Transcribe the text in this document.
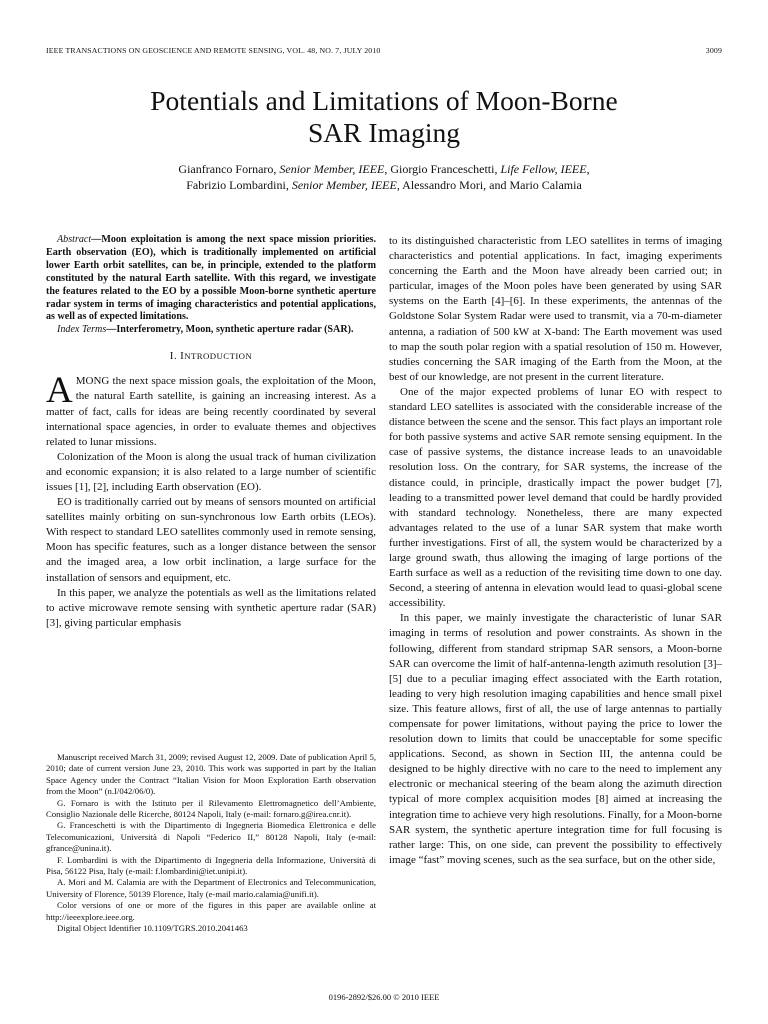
IEEE TRANSACTIONS ON GEOSCIENCE AND REMOTE SENSING, VOL. 48, NO. 7, JULY 2010	3009
Potentials and Limitations of Moon-Borne
SAR Imaging
Gianfranco Fornaro, Senior Member, IEEE, Giorgio Franceschetti, Life Fellow, IEEE,
Fabrizio Lombardini, Senior Member, IEEE, Alessandro Mori, and Mario Calamia

Abstract—Moon exploitation is among the next space mission priorities. Earth observation (EO), which is traditionally implemented on artificial lower Earth orbit satellites, can be, in principle, extended to the platform constituted by the natural Earth satellite. With this regard, we investigate the features related to the EO by a possible Moon-borne synthetic aperture radar system in terms of imaging characteristics and potential applications, as well as of expected limitations.

Index Terms—Interferometry, Moon, synthetic aperture radar (SAR).

I. INTRODUCTION

AMONG the next space mission goals, the exploitation of the Moon, the natural Earth satellite, is gaining an increasing interest. As a matter of fact, calls for ideas are being recently coordinated by several international space agencies, in order to evaluate themes and objectives related to lunar missions.

Colonization of the Moon is along the usual track of human civilization and economic expansion; it is also related to a large number of scientific issues [1], [2], including Earth observation (EO).

EO is traditionally carried out by means of sensors mounted on artificial satellites mainly orbiting on sun-synchronous low Earth orbits (LEOs). With respect to standard LEO satellites commonly used in remote sensing, Moon has specific features, such as a longer distance between the sensor and the imaged area, a low orbit inclination, a large surface for the installation of sensors and equipment, etc.

In this paper, we analyze the potentials as well as the limitations related to active microwave remote sensing with synthetic aperture radar (SAR) [3], giving particular emphasis

Manuscript received March 31, 2009; revised August 12, 2009. Date of publication April 5, 2010; date of current version June 23, 2010. This work was supported in part by the Italian Space Agency under the Contract “Italian Vision for Moon Exploration Earth observation from the Moon” (n.I/042/06/0).

G. Fornaro is with the Istituto per il Rilevamento Elettromagnetico dell’Ambiente, Consiglio Nazionale delle Ricerche, 80124 Napoli, Italy (e-mail: fornaro.g@irea.cnr.it).

G. Franceschetti is with the Dipartimento di Ingegneria Biomedica Elettronica e delle Telecomunicazioni, Università di Napoli “Federico II,” 80128 Napoli, Italy (e-mail: gfrance@unina.it).

F. Lombardini is with the Dipartimento di Ingegneria della Informazione, Università di Pisa, 56122 Pisa, Italy (e-mail: f.lombardini@iet.unipi.it).

A. Mori and M. Calamia are with the Department of Electronics and Telecommunication, University of Florence, 50139 Florence, Italy (e-mail mario.calamia@unifi.it).

Color versions of one or more of the figures in this paper are available online at http://ieeexplore.ieee.org.

Digital Object Identifier 10.1109/TGRS.2010.2041463

to its distinguished characteristic from LEO satellites in terms of imaging characteristics and potential applications. In fact, imaging experiments concerning the Earth and the Moon have already been carried out; in particular, images of the Moon poles have been generated by using SAR systems on the Earth [4]–[6]. In these experiments, the antennas of the Goldstone Solar System Radar were used to transmit, via a 70-m-diameter antenna, a radiation of 500 kW at X-band: The Earth movement was used to map the south polar region with a spatial resolution of 150 m. However, studies concerning the SAR imaging of the Earth from the Moon, at the best of our knowledge, are not present in the current literature.

One of the major expected problems of lunar EO with respect to standard LEO satellites is associated with the considerable increase of the distance between the scene and the sensor. This fact plays an important role for both passive systems and active SAR remote sensing equipment. In the case of passive systems, the distance increase leads to an unavoidable resolution loss. On the contrary, for SAR systems, the increase of the distance could, in principle, drastically impact the power budget [7], leading to a transmitted power level demand that could be hardly provided with standard technology. Nonetheless, there are many expected advantages related to the use of a lunar SAR system that make worth further investigations. First of all, the system would be characterized by a large ground swath, thus allowing the imaging of large portions of the Earth surface as well as a reduction of the revisiting time down to one day. Second, a steering of antenna in elevation would lead to quasi-global scene accessibility.

In this paper, we mainly investigate the characteristic of lunar SAR imaging in terms of resolution and power constraints. As shown in the following, different from standard stripmap SAR sensors, a Moon-borne SAR can overcome the limit of half-antenna-length azimuth resolution [3]–[5] due to a peculiar imaging effect associated with the Earth rotation, leading to very high resolution imaging capabilities and hence small pixel size. This feature allows, first of all, the use of large antennas to partially compensate for power limitations, without paying the price to lower the resolution down to limits that could be unacceptable for some specific applications. Second, as shown in Section III, the antenna could be designed to be highly directive with no care to the need to implement any electronic or mechanical steering of the beam along the azimuth direction typical of more complex acquisition modes [8] aimed at increasing the integration time to achieve very high resolutions. Finally, for a Moon-borne SAR system, the synthetic aperture integration time for full focusing is rather large: This, on one side, can prevent the possibility to effectively image “fast” moving scenes, such as the sea surface, but on the other side,

0196-2892/$26.00 © 2010 IEEE
